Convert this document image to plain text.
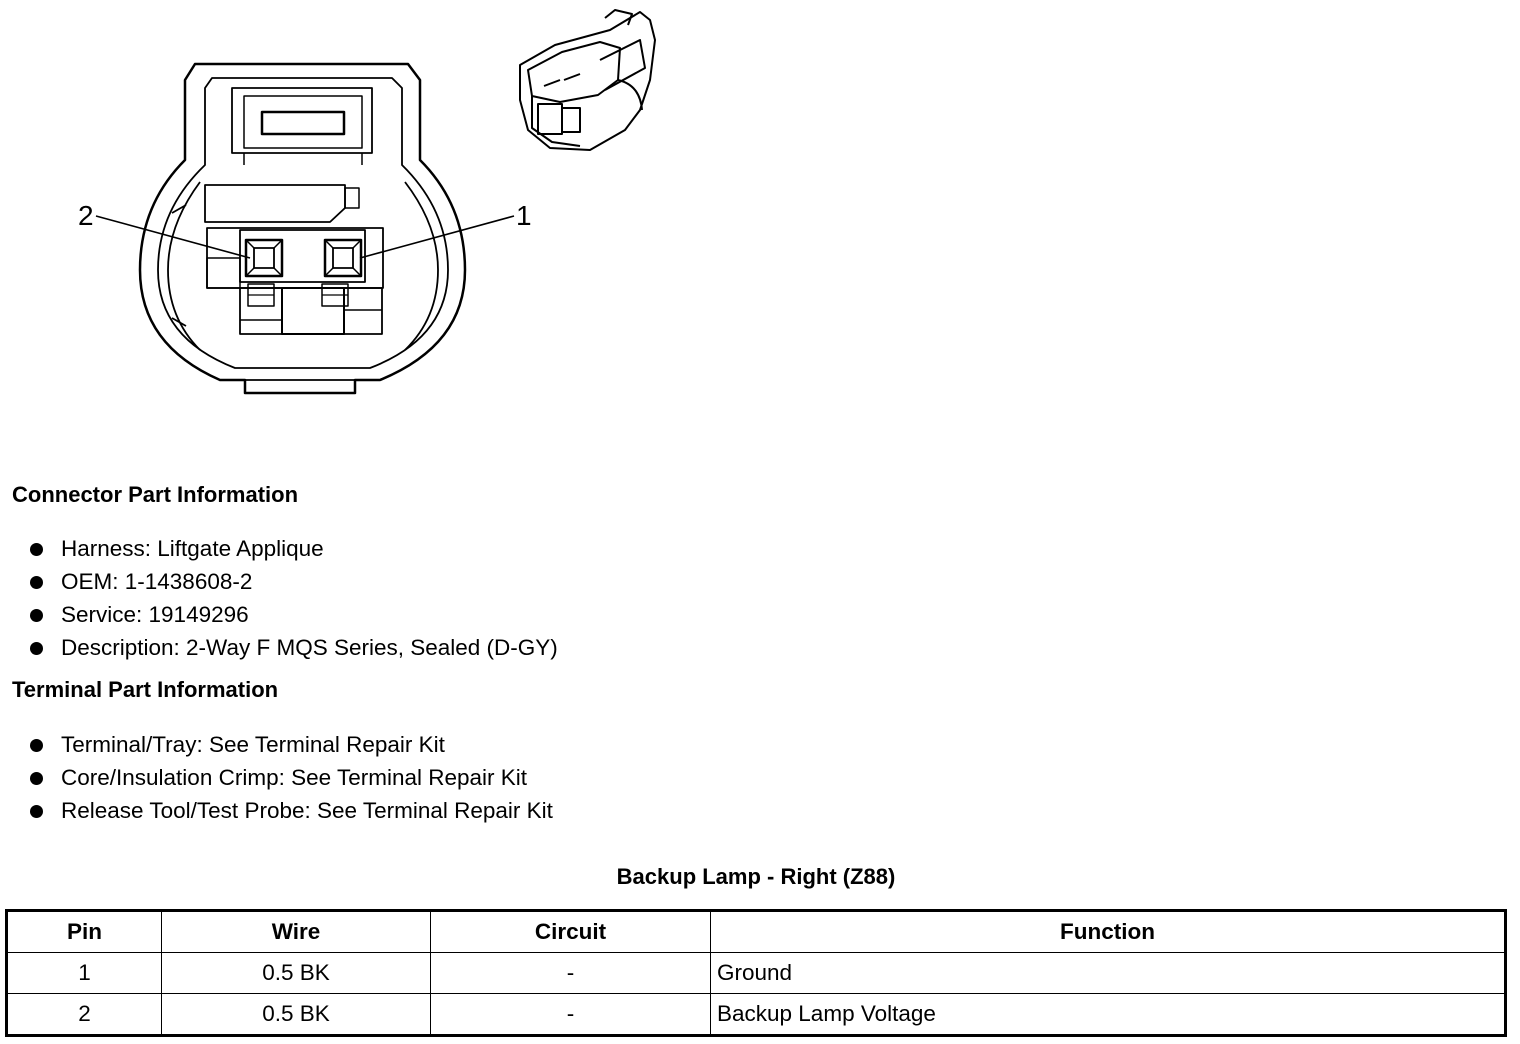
2	1
Connector Part Information
Harness: Liftgate Applique
OEM: 1-1438608-2
Service: 19149296
Description: 2-Way F MQS Series, Sealed (D-GY)
Terminal Part Information
Terminal/Tray: See Terminal Repair Kit
Core/Insulation Crimp: See Terminal Repair Kit
Release Tool/Test Probe: See Terminal Repair Kit
Backup Lamp - Right (Z88)
Pin	Wire	Circuit	Function
1	0.5 BK	-	Ground
2	0.5 BK	-	Backup Lamp Voltage
